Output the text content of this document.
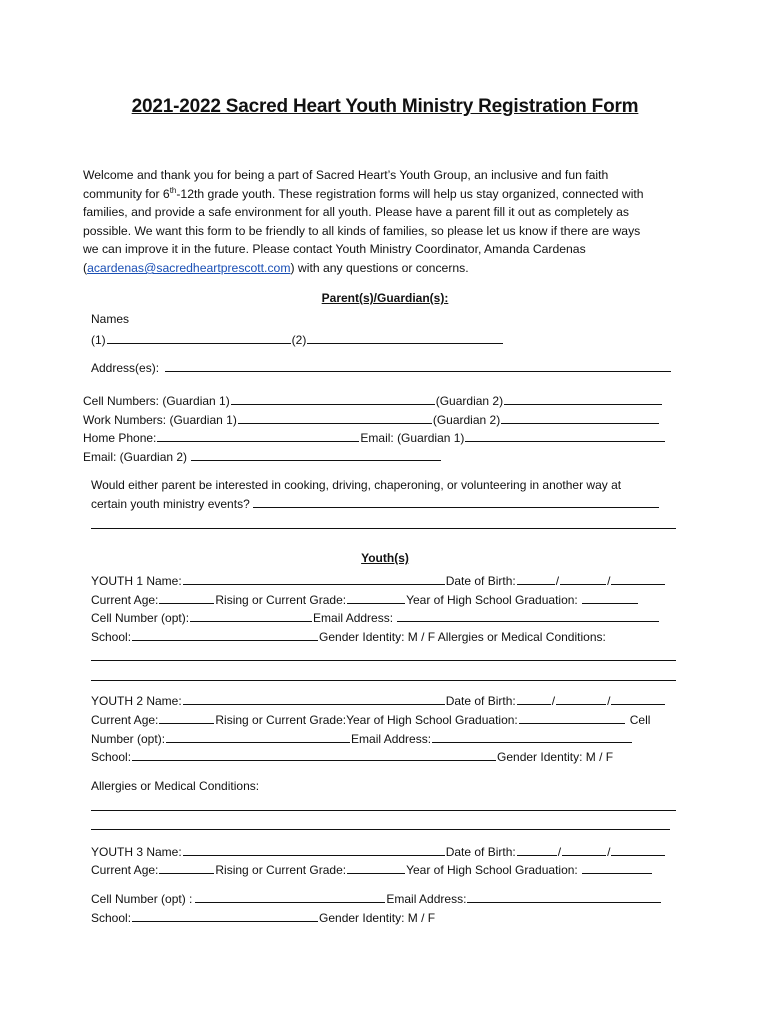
2021-2022 Sacred Heart Youth Ministry Registration Form
Welcome and thank you for being a part of Sacred Heart’s Youth Group, an inclusive and fun faith
community for 6th-12th grade youth. These registration forms will help us stay organized, connected with
families, and provide a safe environment for all youth. Please have a parent fill it out as completely as
possible. We want this form to be friendly to all kinds of families, so please let us know if there are ways
we can improve it in the future. Please contact Youth Ministry Coordinator, Amanda Cardenas
(acardenas@sacredheartprescott.com) with any questions or concerns.
Parent(s)/Guardian(s):
Names
(1)	(2)
Address(es):
Cell Numbers: (Guardian 1)	(Guardian 2)
Work Numbers: (Guardian 1)	(Guardian 2)
Home Phone:	Email: (Guardian 1)
Email: (Guardian 2)
Would either parent be interested in cooking, driving, chaperoning, or volunteering in another way at
certain youth ministry events?
Youth(s)
YOUTH 1 Name:	Date of Birth:	/	/
Current Age:	Rising or Current Grade:	Year of High School Graduation:
Cell Number (opt):	Email Address:
School:	Gender Identity: M / F Allergies or Medical Conditions:
YOUTH 2 Name:	Date of Birth:	/	/
Current Age:	Rising or Current Grade:Year of High School Graduation:	Cell
Number (opt):	Email Address:
School:	Gender Identity: M / F
Allergies or Medical Conditions:
YOUTH 3 Name:	Date of Birth:	/	/
Current Age:	Rising or Current Grade:	Year of High School Graduation:
Cell Number (opt) :	Email Address:
School:	Gender Identity: M / F
